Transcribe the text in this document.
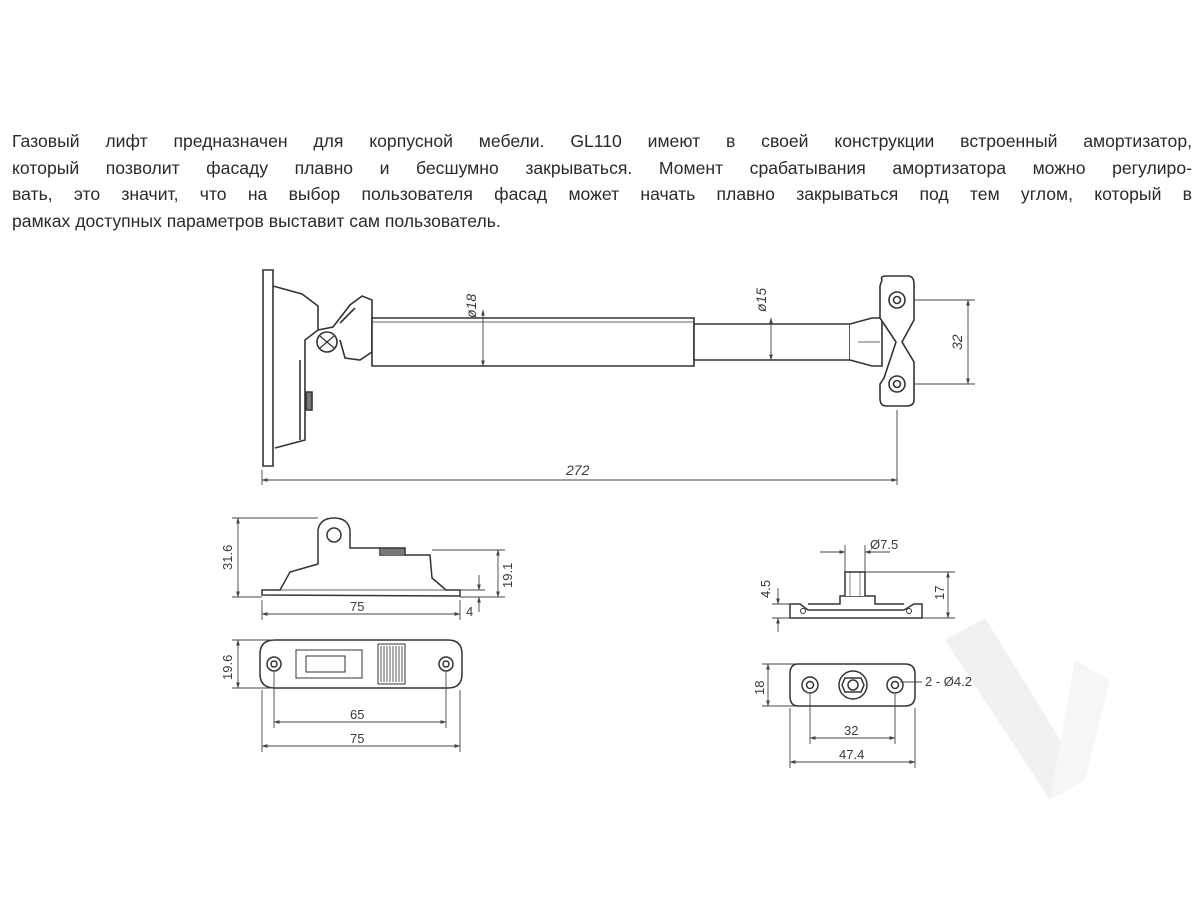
Газовый лифт предназначен для корпусной мебели. GL110 имеют в своей конструкции встроенный амортизатор,
который позволит фасаду плавно и бесшумно закрываться. Момент срабатывания амортизатора можно регулиро-
вать, это значит, что на выбор пользователя фасад может начать плавно закрываться под тем углом, который в
рамках доступных параметров выставит сам пользователь.
ø18	ø15
272
32
31.6
75
19.1
4
19.6
65
75
Ø7.5
4.5	17
18	2 - Ø4.2
32
47.4
